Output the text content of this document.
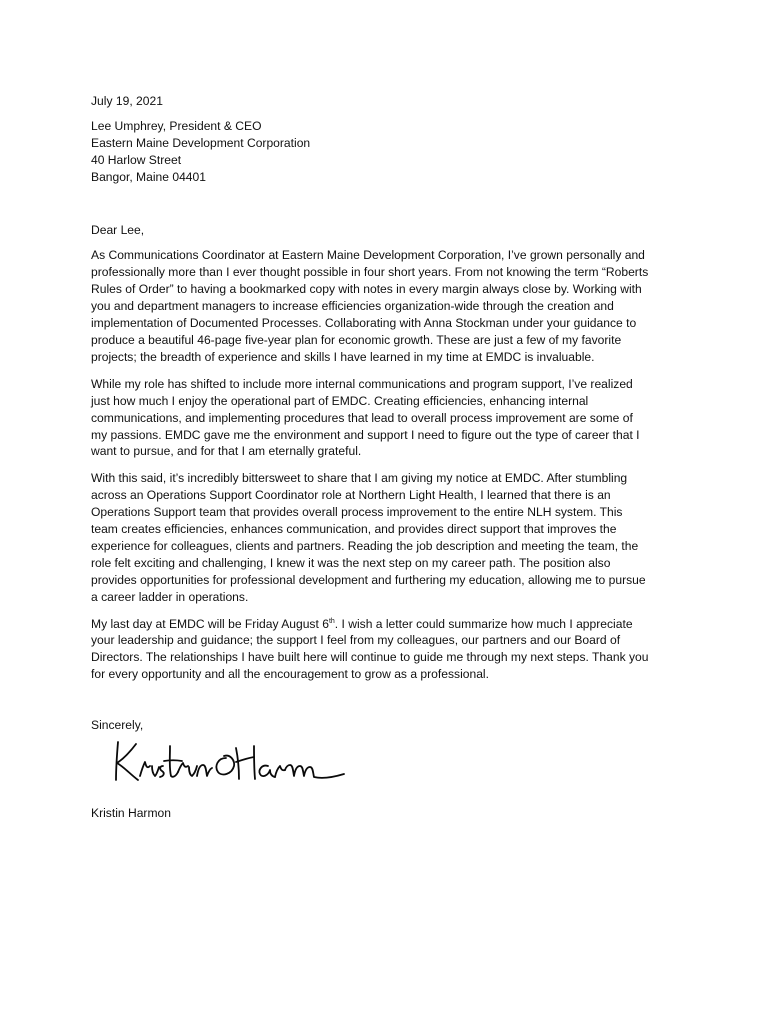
July 19, 2021
Lee Umphrey, President & CEO
Eastern Maine Development Corporation
40 Harlow Street
Bangor, Maine 04401
Dear Lee,
As Communications Coordinator at Eastern Maine Development Corporation, I’ve grown personally and
professionally more than I ever thought possible in four short years. From not knowing the term “Roberts
Rules of Order” to having a bookmarked copy with notes in every margin always close by. Working with
you and department managers to increase efficiencies organization-wide through the creation and
implementation of Documented Processes. Collaborating with Anna Stockman under your guidance to
produce a beautiful 46-page five-year plan for economic growth. These are just a few of my favorite
projects; the breadth of experience and skills I have learned in my time at EMDC is invaluable.
While my role has shifted to include more internal communications and program support, I’ve realized
just how much I enjoy the operational part of EMDC. Creating efficiencies, enhancing internal
communications, and implementing procedures that lead to overall process improvement are some of
my passions. EMDC gave me the environment and support I need to figure out the type of career that I
want to pursue, and for that I am eternally grateful.
With this said, it’s incredibly bittersweet to share that I am giving my notice at EMDC. After stumbling
across an Operations Support Coordinator role at Northern Light Health, I learned that there is an
Operations Support team that provides overall process improvement to the entire NLH system. This
team creates efficiencies, enhances communication, and provides direct support that improves the
experience for colleagues, clients and partners. Reading the job description and meeting the team, the
role felt exciting and challenging, I knew it was the next step on my career path. The position also
provides opportunities for professional development and furthering my education, allowing me to pursue
a career ladder in operations.
My last day at EMDC will be Friday August 6th. I wish a letter could summarize how much I appreciate
your leadership and guidance; the support I feel from my colleagues, our partners and our Board of
Directors. The relationships I have built here will continue to guide me through my next steps. Thank you
for every opportunity and all the encouragement to grow as a professional.
Sincerely,
Kristin Harmon
